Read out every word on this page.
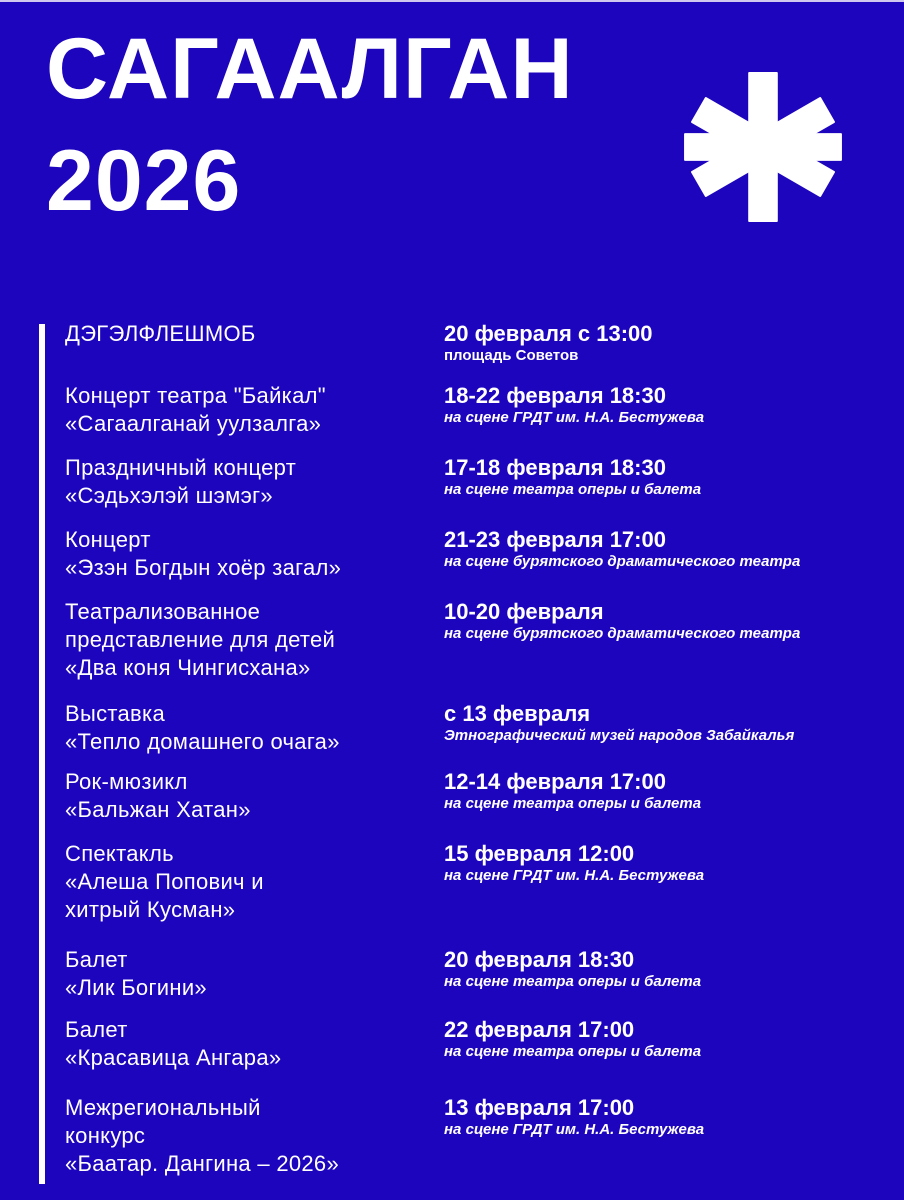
САГААЛГАН
2026
ДЭГЭЛФЛЕШМОБ	20 февраля с 13:00
площадь Советов
Концерт театра "Байкал"
«Сагаалганай уулзалга»
18-22 февраля 18:30
на сцене ГРДТ им. Н.А. Бестужева
Праздничный концерт
«Сэдьхэлэй шэмэг»
17-18 февраля 18:30
на сцене театра оперы и балета
Концерт
«Эзэн Богдын хоёр загал»
21-23 февраля 17:00
на сцене бурятского драматического театра
Театрализованное
представление для детей
«Два коня Чингисхана»
10-20 февраля
на сцене бурятского драматического театра
Выставка
«Тепло домашнего очага»
с 13 февраля
Этнографический музей народов Забайкалья
Рок-мюзикл
«Бальжан Хатан»
12-14 февраля 17:00
на сцене театра оперы и балета
Спектакль
«Алеша Попович и
хитрый Кусман»
15 февраля 12:00
на сцене ГРДТ им. Н.А. Бестужева
Балет
«Лик Богини»
20 февраля 18:30
на сцене театра оперы и балета
Балет
«Красавица Ангара»
22 февраля 17:00
на сцене театра оперы и балета
Межрегиональный
конкурс
«Баатар. Дангина – 2026»
13 февраля 17:00
на сцене ГРДТ им. Н.А. Бестужева
